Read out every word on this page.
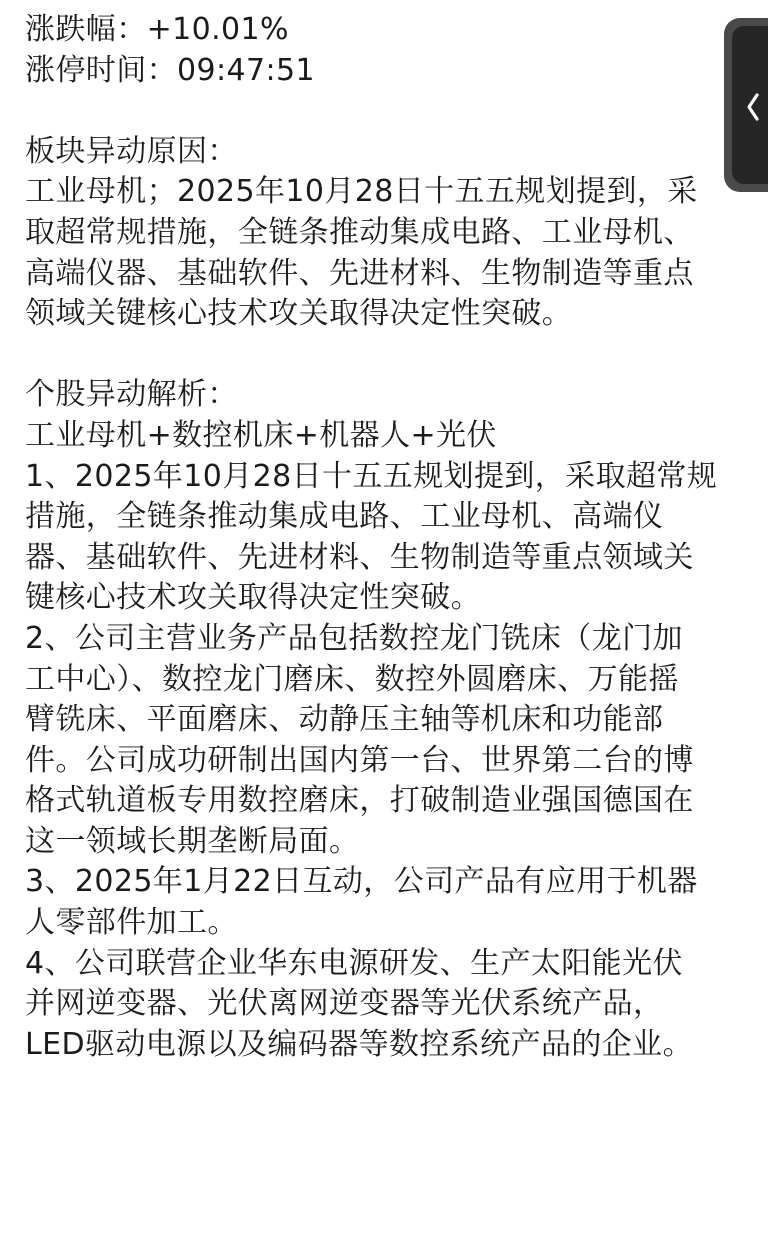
涨跌幅：+10.01%
涨停时间：09:47:51
板块异动原因：
工业母机；2025年10月28日十五五规划提到，采
取超常规措施，全链条推动集成电路、工业母机、
高端仪器、基础软件、先进材料、生物制造等重点
领域关键核心技术攻关取得决定性突破。
个股异动解析：
工业母机+数控机床+机器人+光伏
1、2025年10月28日十五五规划提到，采取超常规
措施，全链条推动集成电路、工业母机、高端仪
器、基础软件、先进材料、生物制造等重点领域关
键核心技术攻关取得决定性突破。
2、公司主营业务产品包括数控龙门铣床（龙门加
工中心）、数控龙门磨床、数控外圆磨床、万能摇
臂铣床、平面磨床、动静压主轴等机床和功能部
件。公司成功研制出国内第一台、世界第二台的博
格式轨道板专用数控磨床，打破制造业强国德国在
这一领域长期垄断局面。
3、2025年1月22日互动，公司产品有应用于机器
人零部件加工。
4、公司联营企业华东电源研发、生产太阳能光伏
并网逆变器、光伏离网逆变器等光伏系统产品，
LED驱动电源以及编码器等数控系统产品的企业。
